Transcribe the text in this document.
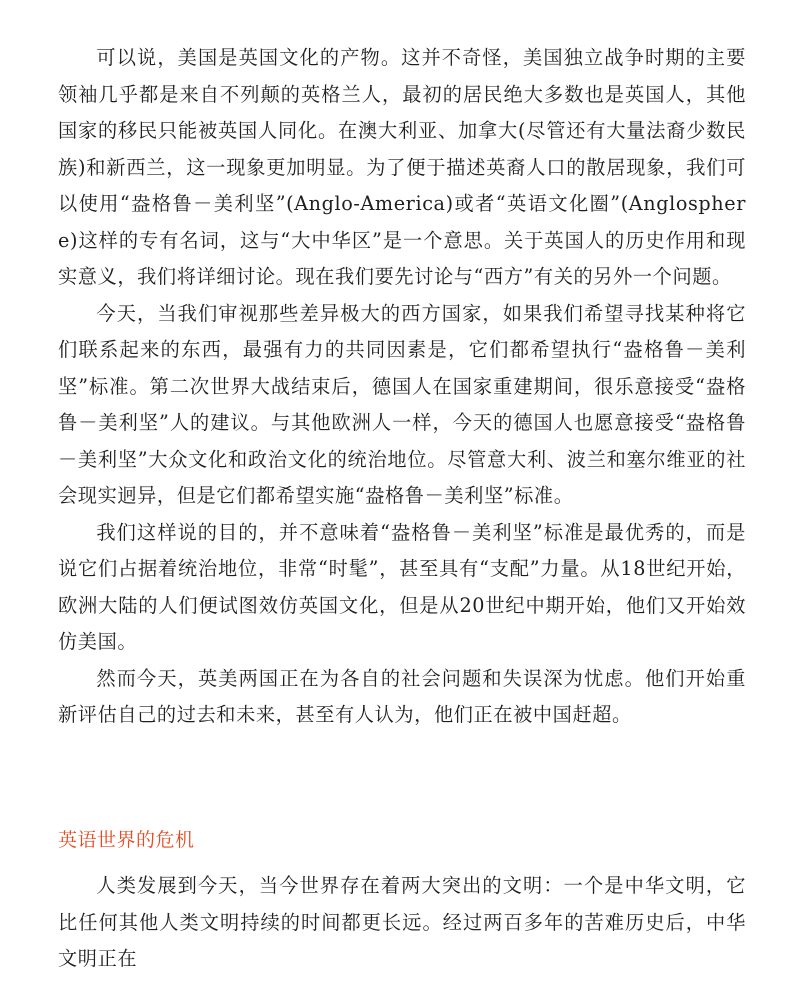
可以说，美国是英国文化的产物。这并不奇怪，美国独立战争时期的主要领袖几乎都是来自不列颠的英格兰人，最初的居民绝大多数也是英国人，其他国家的移民只能被英国人同化。在澳大利亚、加拿大(尽管还有大量法裔少数民族)和新西兰，这一现象更加明显。为了便于描述英裔人口的散居现象，我们可以使用“盎格鲁－美利坚”(Anglo-America)或者“英语文化圈”(Anglosphere)这样的专有名词，这与“大中华区”是一个意思。关于英国人的历史作用和现实意义，我们将详细讨论。现在我们要先讨论与“西方”有关的另外一个问题。

今天，当我们审视那些差异极大的西方国家，如果我们希望寻找某种将它们联系起来的东西，最强有力的共同因素是，它们都希望执行“盎格鲁－美利坚”标准。第二次世界大战结束后，德国人在国家重建期间，很乐意接受“盎格鲁－美利坚”人的建议。与其他欧洲人一样，今天的德国人也愿意接受“盎格鲁－美利坚”大众文化和政治文化的统治地位。尽管意大利、波兰和塞尔维亚的社会现实迥异，但是它们都希望实施“盎格鲁－美利坚”标准。

我们这样说的目的，并不意味着“盎格鲁－美利坚”标准是最优秀的，而是说它们占据着统治地位，非常“时髦”，甚至具有“支配”力量。从18世纪开始，欧洲大陆的人们便试图效仿英国文化，但是从20世纪中期开始，他们又开始效仿美国。

然而今天，英美两国正在为各自的社会问题和失误深为忧虑。他们开始重新评估自己的过去和未来，甚至有人认为，他们正在被中国赶超。

英语世界的危机

人类发展到今天，当今世界存在着两大突出的文明：一个是中华文明，它比任何其他人类文明持续的时间都更长远。经过两百多年的苦难历史后，中华文明正在
